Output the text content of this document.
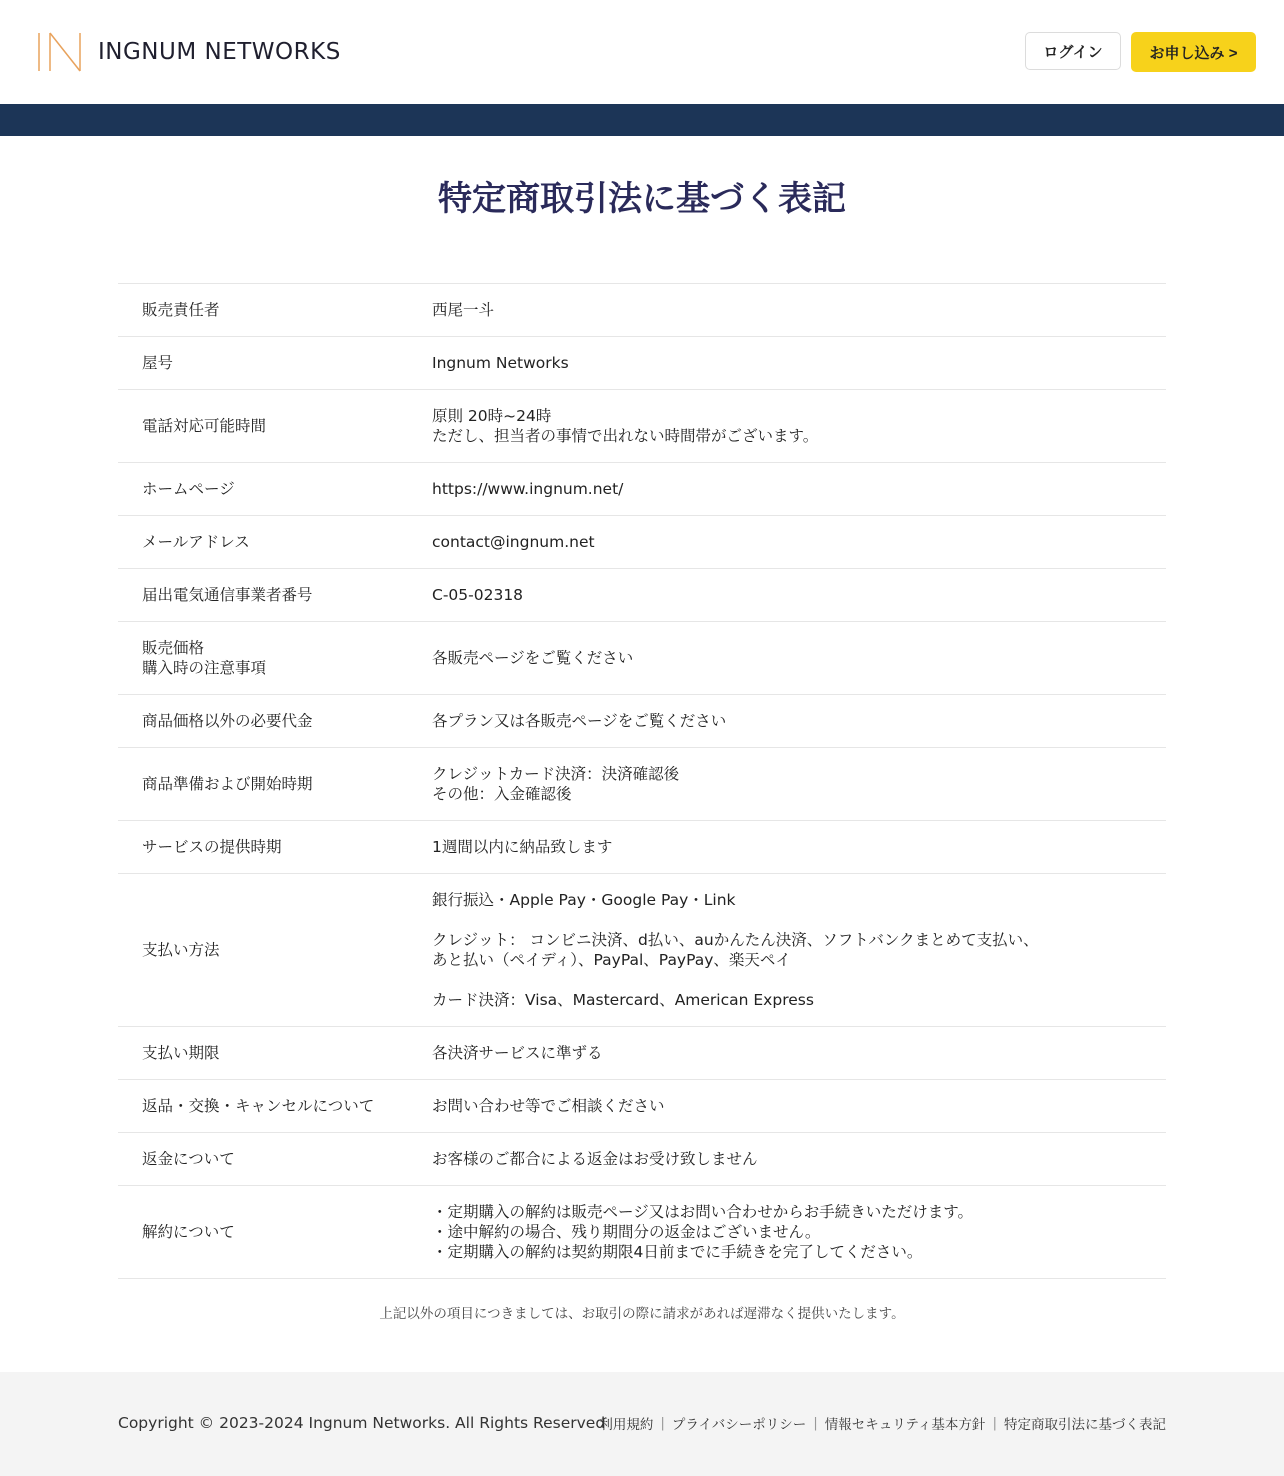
INGNUM NETWORKS	ログイン	お申し込み >
特定商取引法に基づく表記
販売責任者	西尾一斗
屋号	Ingnum Networks
電話対応可能時間	原則 20時~24時
ただし、担当者の事情で出れない時間帯がございます。
ホームページ	https://www.ingnum.net/
メールアドレス	contact@ingnum.net
届出電気通信事業者番号	C-05-02318
販売価格
購入時の注意事項	各販売ページをご覧ください
商品価格以外の必要代金	各プラン又は各販売ページをご覧ください
商品準備および開始時期	クレジットカード決済：決済確認後
その他：入金確認後
サービスの提供時期	1週間以内に納品致します
支払い方法	銀行振込・Apple Pay・Google Pay・Link

クレジット： コンビニ決済、d払い、auかんたん決済、ソフトバンクまとめて支払い、
あと払い（ペイディ）、PayPal、PayPay、楽天ペイ

カード決済：Visa、Mastercard、American Express
支払い期限	各決済サービスに準ずる
返品・交換・キャンセルについて	お問い合わせ等でご相談ください
返金について	お客様のご都合による返金はお受け致しません
解約について	・定期購入の解約は販売ページ又はお問い合わせからお手続きいただけます。
・途中解約の場合、残り期間分の返金はございません。
・定期購入の解約は契約期限4日前までに手続きを完了してください。
上記以外の項目につきましては、お取引の際に請求があれば遅滞なく提供いたします。
Copyright © 2023-2024 Ingnum Networks. All Rights Reserved
利用規約 | プライバシーポリシー | 情報セキュリティ基本方針 | 特定商取引法に基づく表記
